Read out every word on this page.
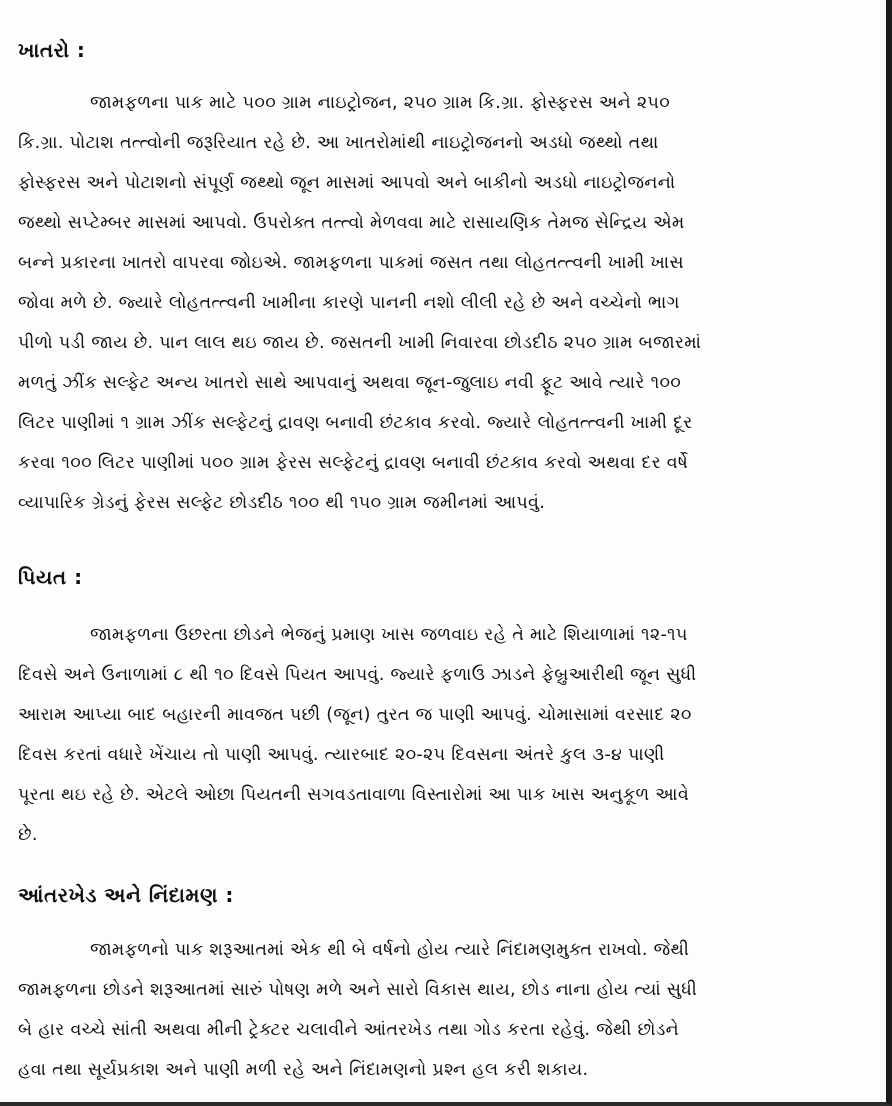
ખાતરો :
જામફળના પાક માટે ૫૦૦ ગ્રામ નાઇટ્રોજન, ૨૫૦ ગ્રામ કિ.ગ્રા. ફોસ્ફરસ અને ૨૫૦
કિ.ગ્રા. પોટાશ તત્ત્વોની જરૂરિયાત રહે છે. આ ખાતરોમાંથી નાઇટ્રોજનનો અડધો જથ્થો તથા
ફોસ્ફરસ અને પોટાશનો સંપૂર્ણ જથ્થો જૂન માસમાં આપવો અને બાકીનો અડધો નાઇટ્રોજનનો
જથ્થો સપ્ટેમ્બર માસમાં આપવો. ઉપરોક્ત તત્ત્વો મેળવવા માટે રાસાયણિક તેમજ સેન્દ્રિય એમ
બન્ને પ્રકારના ખાતરો વાપરવા જોઇએ. જામફળના પાકમાં જસત તથા લોહતત્ત્વની ખામી ખાસ
જોવા મળે છે. જ્યારે લોહતત્ત્વની ખામીના કારણે પાનની નશો લીલી રહે છે અને વચ્ચેનો ભાગ
પીળો પડી જાય છે. પાન લાલ થઇ જાય છે. જસતની ખામી નિવારવા છોડદીઠ ૨૫૦ ગ્રામ બજારમાં
મળતું ઝીંક સલ્ફેટ અન્ય ખાતરો સાથે આપવાનું અથવા જૂન-જુલાઇ નવી ફૂટ આવે ત્યારે ૧૦૦
લિટર પાણીમાં ૧ ગ્રામ ઝીંક સલ્ફેટનું દ્રાવણ બનાવી છંટકાવ કરવો. જ્યારે લોહતત્ત્વની ખામી દૂર
કરવા ૧૦૦ લિટર પાણીમાં ૫૦૦ ગ્રામ ફેરસ સલ્ફેટનું દ્રાવણ બનાવી છંટકાવ કરવો અથવા દર વર્ષે
વ્યાપારિક ગ્રેડનું ફેરસ સલ્ફેટ છોડદીઠ ૧૦૦ થી ૧૫૦ ગ્રામ જમીનમાં આપવું.
પિયત :
જામફળના ઉછરતા છોડને ભેજનું પ્રમાણ ખાસ જળવાઇ રહે તે માટે શિયાળામાં ૧૨-૧૫
દિવસે અને ઉનાળામાં ૮ થી ૧૦ દિવસે પિયત આપવું. જ્યારે ફળાઉ ઝાડને ફેબ્રુઆરીથી જૂન સુધી
આરામ આપ્યા બાદ બહારની માવજત પછી (જૂન) તુરત જ પાણી આપવું. ચોમાસામાં વરસાદ ૨૦
દિવસ કરતાં વધારે ખેંચાય તો પાણી આપવું. ત્યારબાદ ૨૦-૨૫ દિવસના અંતરે કુલ ૩-૪ પાણી
પૂરતા થઇ રહે છે. એટલે ઓછા પિયતની સગવડતાવાળા વિસ્તારોમાં આ પાક ખાસ અનુકૂળ આવે
છે.
આંતરખેડ અને નિંદામણ :
જામફળનો પાક શરૂઆતમાં એક થી બે વર્ષનો હોય ત્યારે નિંદામણમુક્ત રાખવો. જેથી
જામફળના છોડને શરૂઆતમાં સારું પોષણ મળે અને સારો વિકાસ થાય, છોડ નાના હોય ત્યાં સુધી
બે હાર વચ્ચે સાંતી અથવા મીની ટ્રેક્ટર ચલાવીને આંતરખેડ તથા ગોડ કરતા રહેવું. જેથી છોડને
હવા તથા સૂર્યપ્રકાશ અને પાણી મળી રહે અને નિંદામણનો પ્રશ્ન હલ કરી શકાય.
